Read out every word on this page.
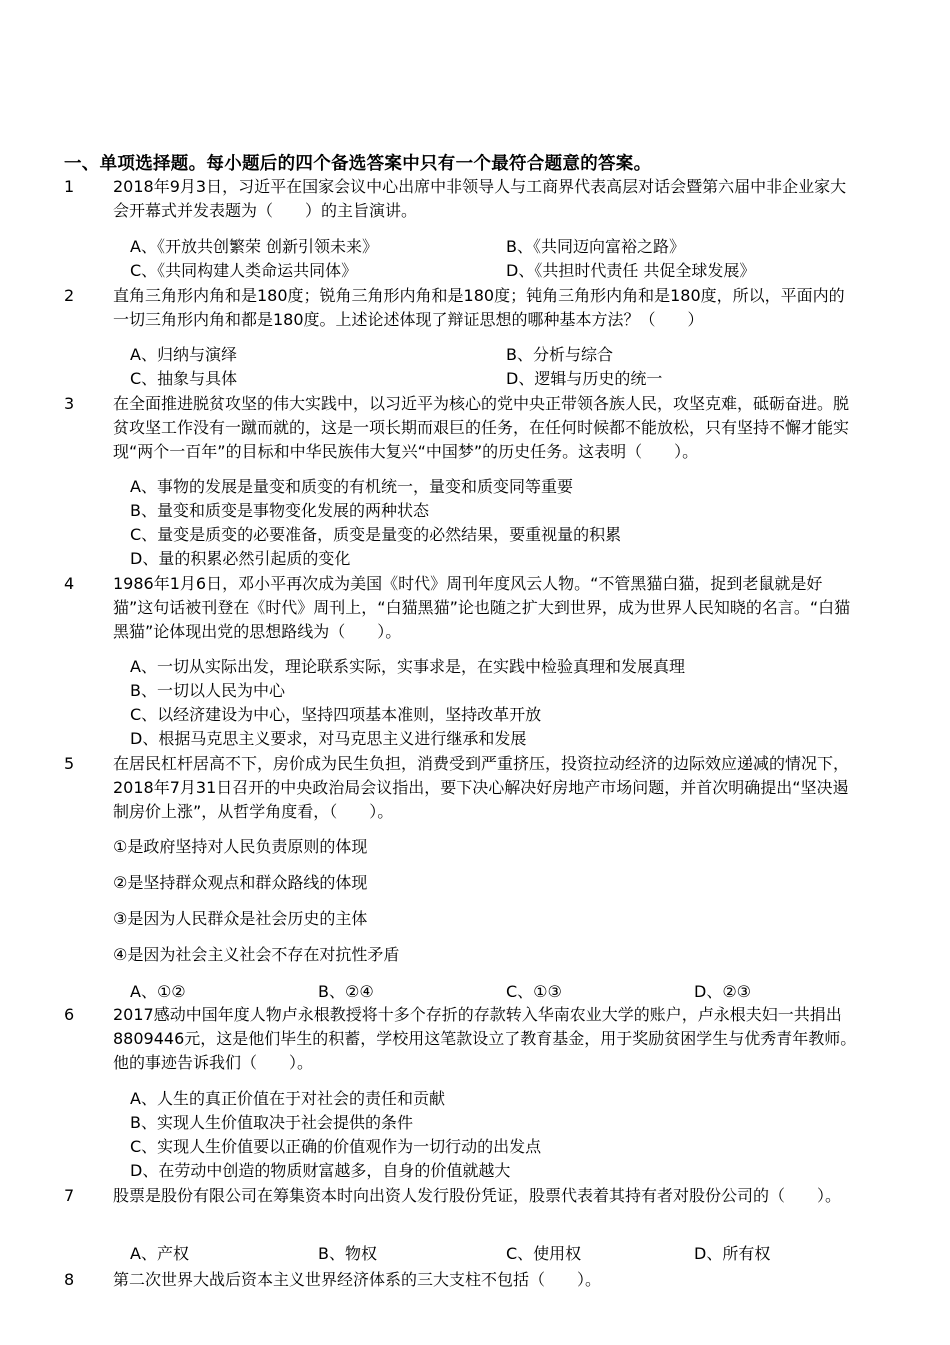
一、单项选择题。每小题后的四个备选答案中只有一个最符合题意的答案。
1 2018年9月3日，习近平在国家会议中心出席中非领导人与工商界代表高层对话会暨第六届中非企业家大会开幕式并发表题为（　　）的主旨演讲。
A、《开放共创繁荣 创新引领未来》	B、《共同迈向富裕之路》
C、《共同构建人类命运共同体》	D、《共担时代责任 共促全球发展》
2 直角三角形内角和是180度；锐角三角形内角和是180度；钝角三角形内角和是180度，所以，平面内的一切三角形内角和都是180度。上述论述体现了辩证思想的哪种基本方法？（　　）
A、归纳与演绎	B、分析与综合
C、抽象与具体	D、逻辑与历史的统一
3 在全面推进脱贫攻坚的伟大实践中，以习近平为核心的党中央正带领各族人民，攻坚克难，砥砺奋进。脱贫攻坚工作没有一蹴而就的，这是一项长期而艰巨的任务，在任何时候都不能放松，只有坚持不懈才能实现“两个一百年”的目标和中华民族伟大复兴“中国梦”的历史任务。这表明（　　）。
A、事物的发展是量变和质变的有机统一，量变和质变同等重要
B、量变和质变是事物变化发展的两种状态
C、量变是质变的必要准备，质变是量变的必然结果，要重视量的积累
D、量的积累必然引起质的变化
4 1986年1月6日，邓小平再次成为美国《时代》周刊年度风云人物。“不管黑猫白猫，捉到老鼠就是好猫”这句话被刊登在《时代》周刊上，“白猫黑猫”论也随之扩大到世界，成为世界人民知晓的名言。“白猫黑猫”论体现出党的思想路线为（　　）。
A、一切从实际出发，理论联系实际，实事求是，在实践中检验真理和发展真理
B、一切以人民为中心
C、以经济建设为中心，坚持四项基本准则，坚持改革开放
D、根据马克思主义要求，对马克思主义进行继承和发展
5 在居民杠杆居高不下，房价成为民生负担，消费受到严重挤压，投资拉动经济的边际效应递减的情况下，2018年7月31日召开的中央政治局会议指出，要下决心解决好房地产市场问题，并首次明确提出“坚决遏制房价上涨”，从哲学角度看，（　　）。
①是政府坚持对人民负责原则的体现
②是坚持群众观点和群众路线的体现
③是因为人民群众是社会历史的主体
④是因为社会主义社会不存在对抗性矛盾
A、①②	B、②④	C、①③	D、②③
6 2017感动中国年度人物卢永根教授将十多个存折的存款转入华南农业大学的账户，卢永根夫妇一共捐出8809446元，这是他们毕生的积蓄，学校用这笔款设立了教育基金，用于奖励贫困学生与优秀青年教师。他的事迹告诉我们（　　）。
A、人生的真正价值在于对社会的责任和贡献
B、实现人生价值取决于社会提供的条件
C、实现人生价值要以正确的价值观作为一切行动的出发点
D、在劳动中创造的物质财富越多，自身的价值就越大
7 股票是股份有限公司在筹集资本时向出资人发行股份凭证，股票代表着其持有者对股份公司的（　　）。
A、产权	B、物权	C、使用权	D、所有权
8 第二次世界大战后资本主义世界经济体系的三大支柱不包括（　　）。
